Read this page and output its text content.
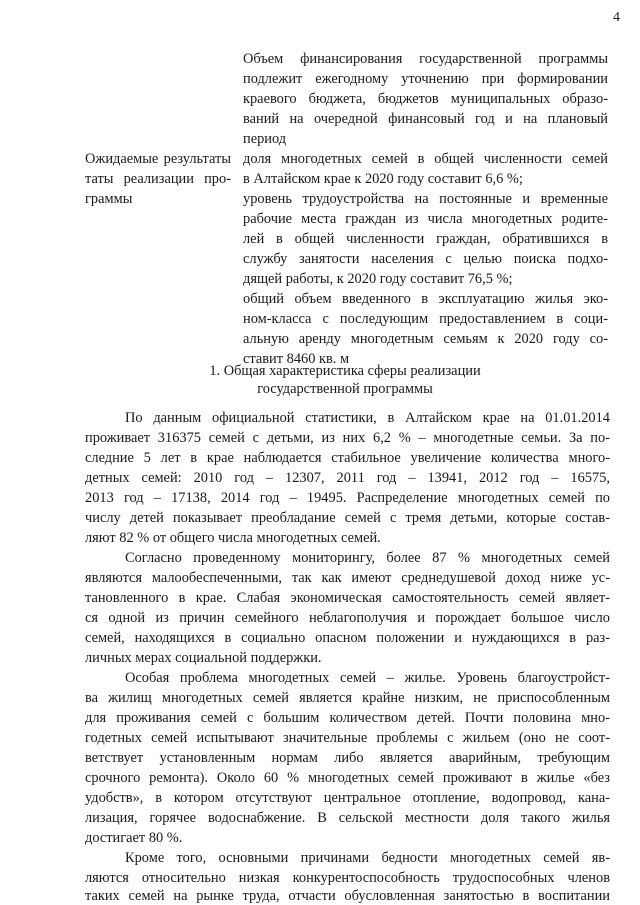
4
Объем финансирования государственной программы
подлежит ежегодному уточнению при формировании
краевого бюджета, бюджетов муниципальных образо-
ваний на очередной финансовый год и на плановый
период
Ожидаемые результаты
таты реализации про-
граммы
доля многодетных семей в общей численности семей
в Алтайском крае к 2020 году составит 6,6 %;
уровень трудоустройства на постоянные и временные
рабочие места граждан из числа многодетных родите-
лей в общей численности граждан, обратившихся в
службу занятости населения с целью поиска подхо-
дящей работы, к 2020 году составит 76,5 %;
общий объем введенного в эксплуатацию жилья эко-
ном-класса с последующим предоставлением в соци-
альную аренду многодетным семьям к 2020 году со-
ставит 8460 кв. м
1. Общая характеристика сферы реализации
государственной программы
По данным официальной статистики, в Алтайском крае на 01.01.2014
проживает 316375 семей с детьми, из них 6,2 % – многодетные семьи. За по-
следние 5 лет в крае наблюдается стабильное увеличение количества много-
детных семей: 2010 год – 12307, 2011 год – 13941, 2012 год – 16575,
2013 год – 17138, 2014 год – 19495. Распределение многодетных семей по
числу детей показывает преобладание семей с тремя детьми, которые состав-
ляют 82 % от общего числа многодетных семей.
Согласно проведенному мониторингу, более 87 % многодетных семей
являются малообеспеченными, так как имеют среднедушевой доход ниже ус-
тановленного в крае. Слабая экономическая самостоятельность семей являет-
ся одной из причин семейного неблагополучия и порождает большое число
семей, находящихся в социально опасном положении и нуждающихся в раз-
личных мерах социальной поддержки.
Особая проблема многодетных семей – жилье. Уровень благоустройст-
ва жилищ многодетных семей является крайне низким, не приспособленным
для проживания семей с большим количеством детей. Почти половина мно-
годетных семей испытывают значительные проблемы с жильем (оно не соот-
ветствует установленным нормам либо является аварийным, требующим
срочного ремонта). Около 60 % многодетных семей проживают в жилье «без
удобств», в котором отсутствуют центральное отопление, водопровод, кана-
лизация, горячее водоснабжение. В сельской местности доля такого жилья
достигает 80 %.
Кроме того, основными причинами бедности многодетных семей яв-
ляются относительно низкая конкурентоспособность трудоспособных членов
таких семей на рынке труда, отчасти обусловленная занятостью в воспитании
